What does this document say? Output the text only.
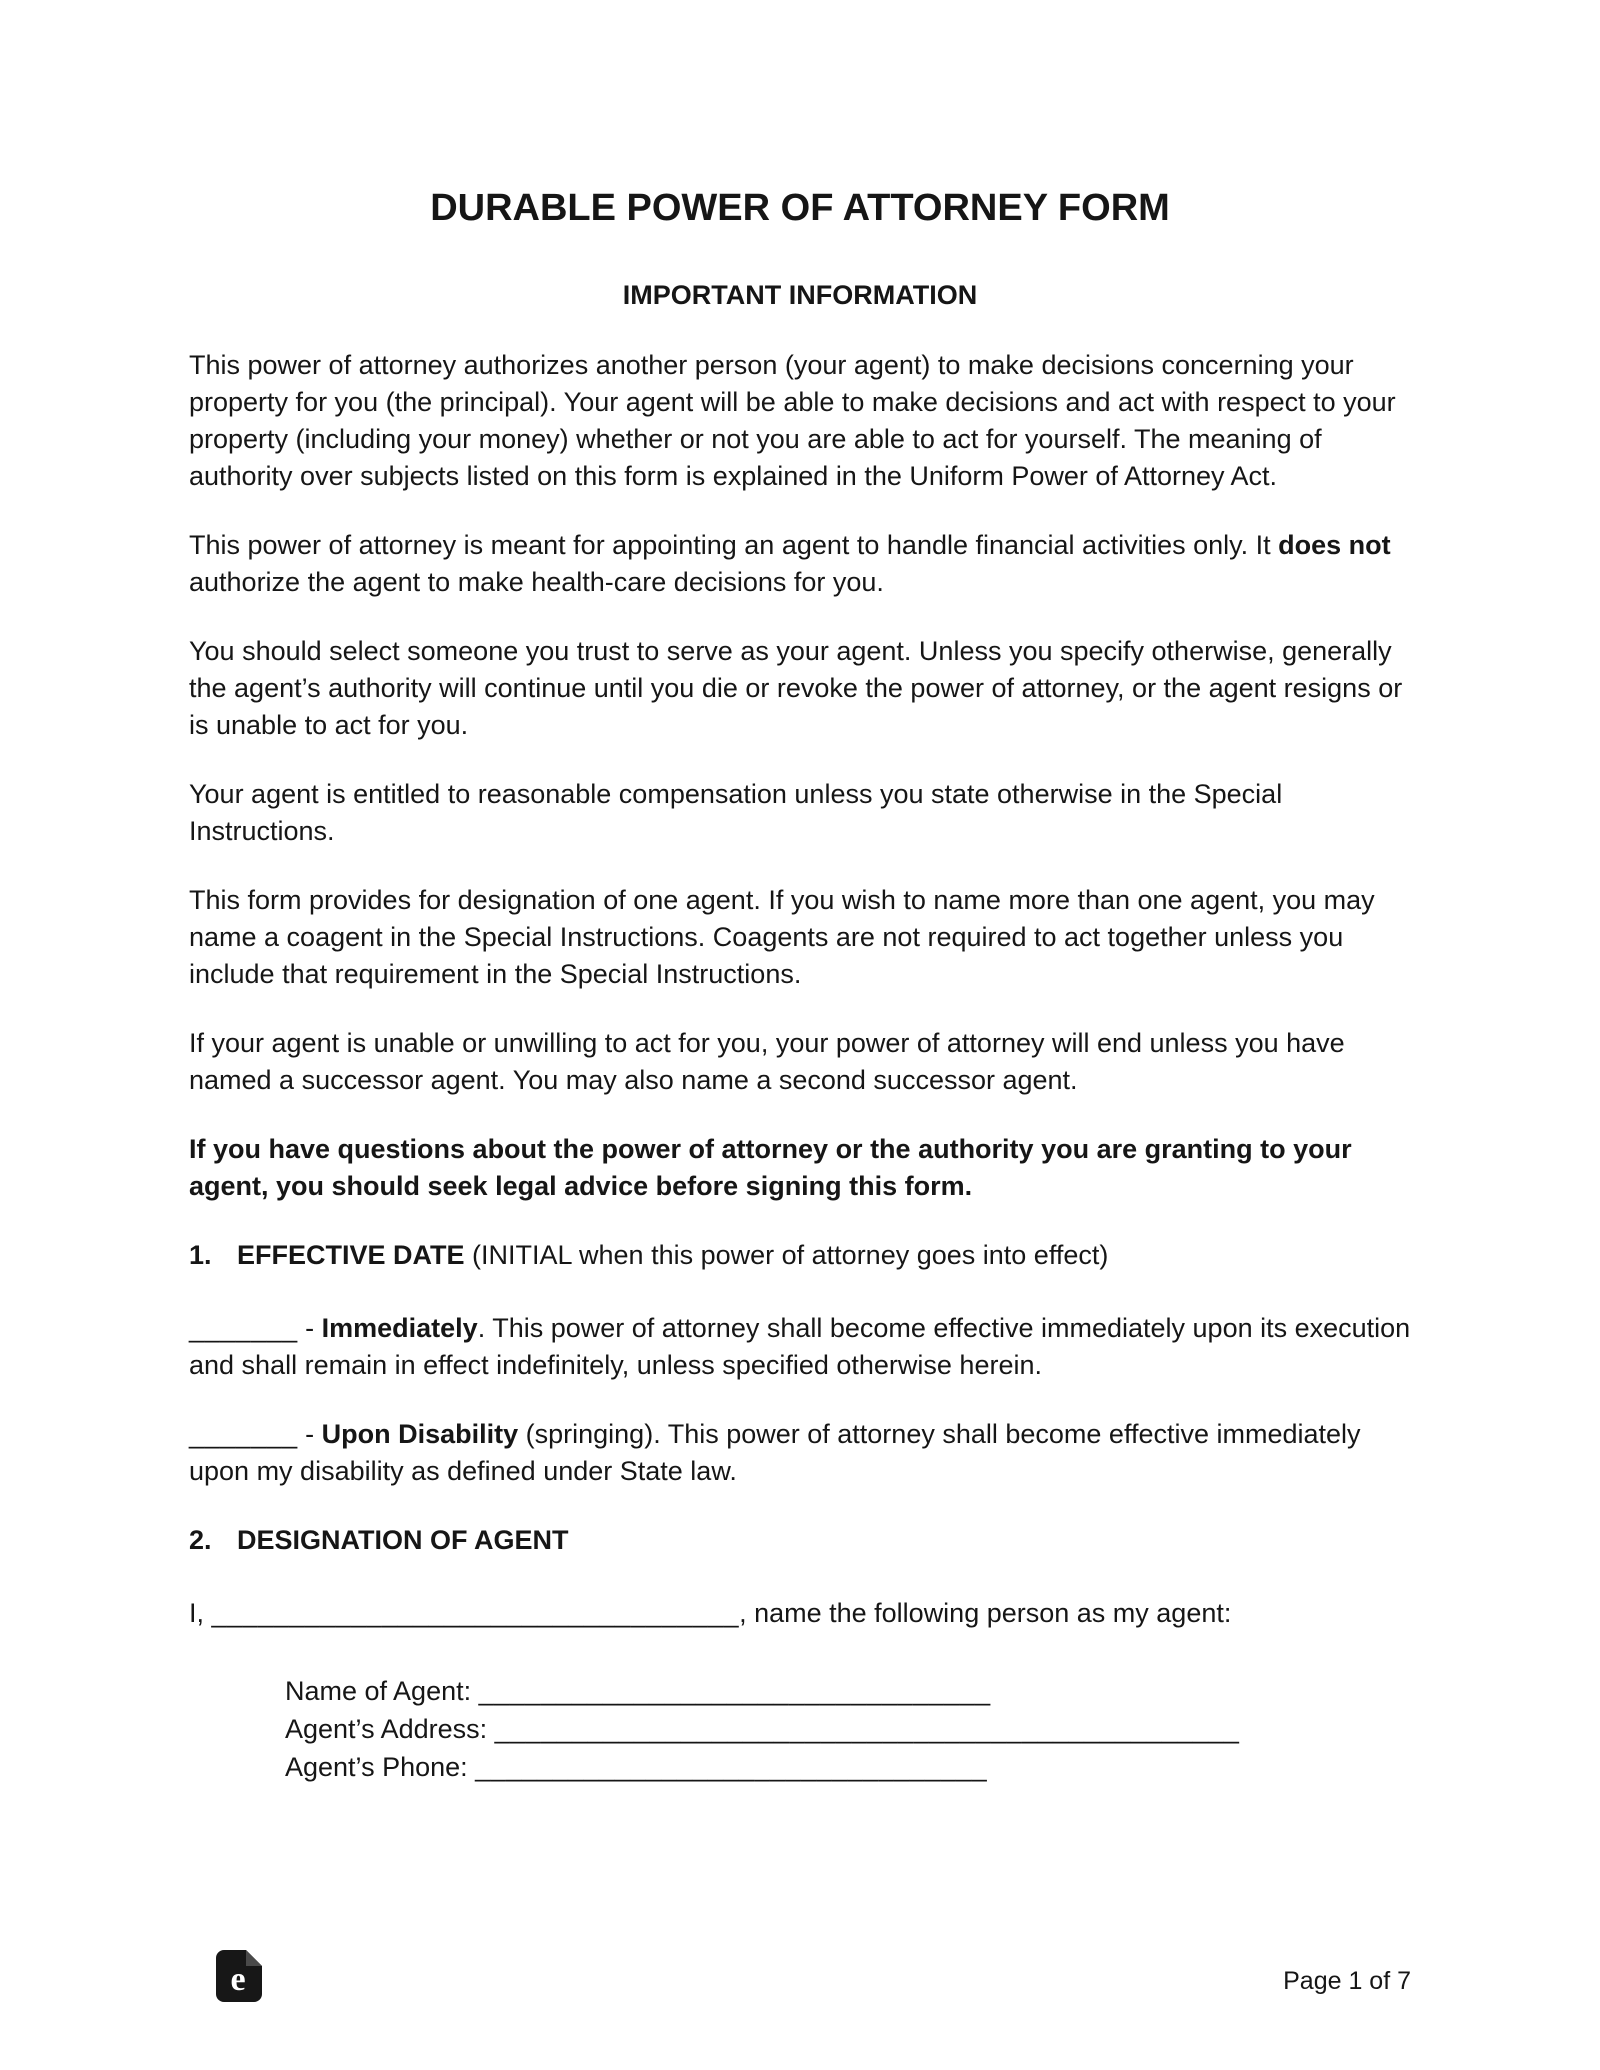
DURABLE POWER OF ATTORNEY FORM
IMPORTANT INFORMATION

This power of attorney authorizes another person (your agent) to make decisions concerning your property for you (the principal). Your agent will be able to make decisions and act with respect to your property (including your money) whether or not you are able to act for yourself. The meaning of authority over subjects listed on this form is explained in the Uniform Power of Attorney Act.

This power of attorney is meant for appointing an agent to handle financial activities only. It does not authorize the agent to make health-care decisions for you.

You should select someone you trust to serve as your agent. Unless you specify otherwise, generally the agent’s authority will continue until you die or revoke the power of attorney, or the agent resigns or is unable to act for you.

Your agent is entitled to reasonable compensation unless you state otherwise in the Special Instructions.

This form provides for designation of one agent. If you wish to name more than one agent, you may name a coagent in the Special Instructions. Coagents are not required to act together unless you include that requirement in the Special Instructions.

If your agent is unable or unwilling to act for you, your power of attorney will end unless you have named a successor agent. You may also name a second successor agent.

If you have questions about the power of attorney or the authority you are granting to your agent, you should seek legal advice before signing this form.

1. EFFECTIVE DATE (INITIAL when this power of attorney goes into effect)

_______ - Immediately. This power of attorney shall become effective immediately upon its execution and shall remain in effect indefinitely, unless specified otherwise herein.

_______ - Upon Disability (springing). This power of attorney shall become effective immediately upon my disability as defined under State law.

2. DESIGNATION OF AGENT

I, __________________________________, name the following person as my agent:

Name of Agent: _________________________________

Agent’s Address: ________________________________________________

Agent’s Phone: _________________________________

e	Page 1 of 7
